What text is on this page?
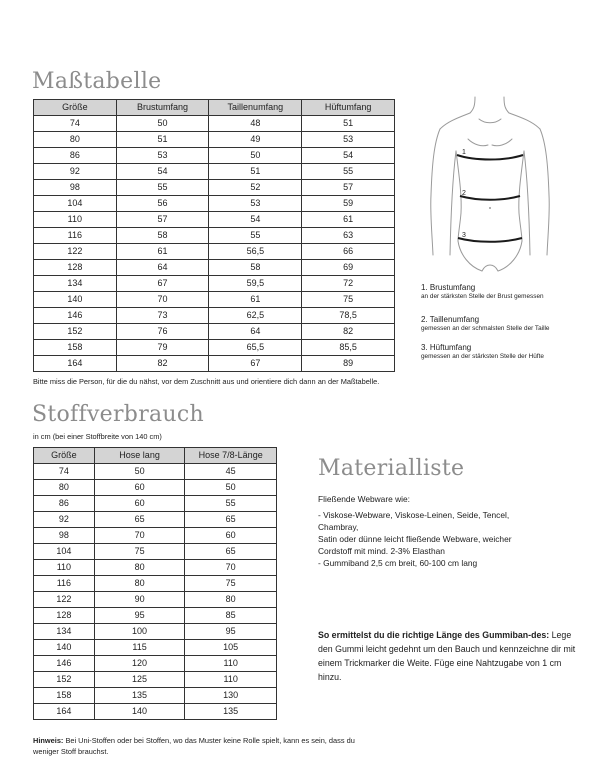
Maßtabelle
Größe	Brustumfang	Taillenumfang	Hüftumfang
74	50	48	51
80	51	49	53
86	53	50	54
92	54	51	55
98	55	52	57
104	56	53	59
110	57	54	61
116	58	55	63
122	61	56,5	66
128	64	58	69
134	67	59,5	72
140	70	61	75
146	73	62,5	78,5
152	76	64	82
158	79	65,5	85,5
164	82	67	89
Bitte miss die Person, für die du nähst, vor dem Zuschnitt aus und orientiere dich dann an der Maßtabelle.
1
2
3
1. Brustumfang
an der stärksten Stelle der Brust gemessen
2. Taillenumfang
gemessen an der schmalsten Stelle der Taille
3. Hüftumfang
gemessen an der stärksten Stelle der Hüfte
Stoffverbrauch
in cm (bei einer Stoffbreite von 140 cm)
Größe	Hose lang	Hose 7/8-Länge
74	50	45
80	60	50
86	60	55
92	65	65
98	70	60
104	75	65
110	80	70
116	80	75
122	90	80
128	95	85
134	100	95
140	115	105
146	120	110
152	125	110
158	135	130
164	140	135
Hinweis: Bei Uni-Stoffen oder bei Stoffen, wo das Muster keine Rolle spielt, kann es sein, dass du weniger Stoff brauchst.
Materialliste
Fließende Webware wie:
- Viskose-Webware, Viskose-Leinen, Seide, Tencel,
Chambray,
Satin oder dünne leicht fließende Webware, weicher
Cordstoff mit mind. 2-3% Elasthan
- Gummiband 2,5 cm breit, 60-100 cm lang
So ermittelst du die richtige Länge des Gummiban-des: Lege den Gummi leicht gedehnt um den Bauch und kennzeichne dir mit einem Trickmarker die Weite. Füge eine Nahtzugabe von 1 cm hinzu.
